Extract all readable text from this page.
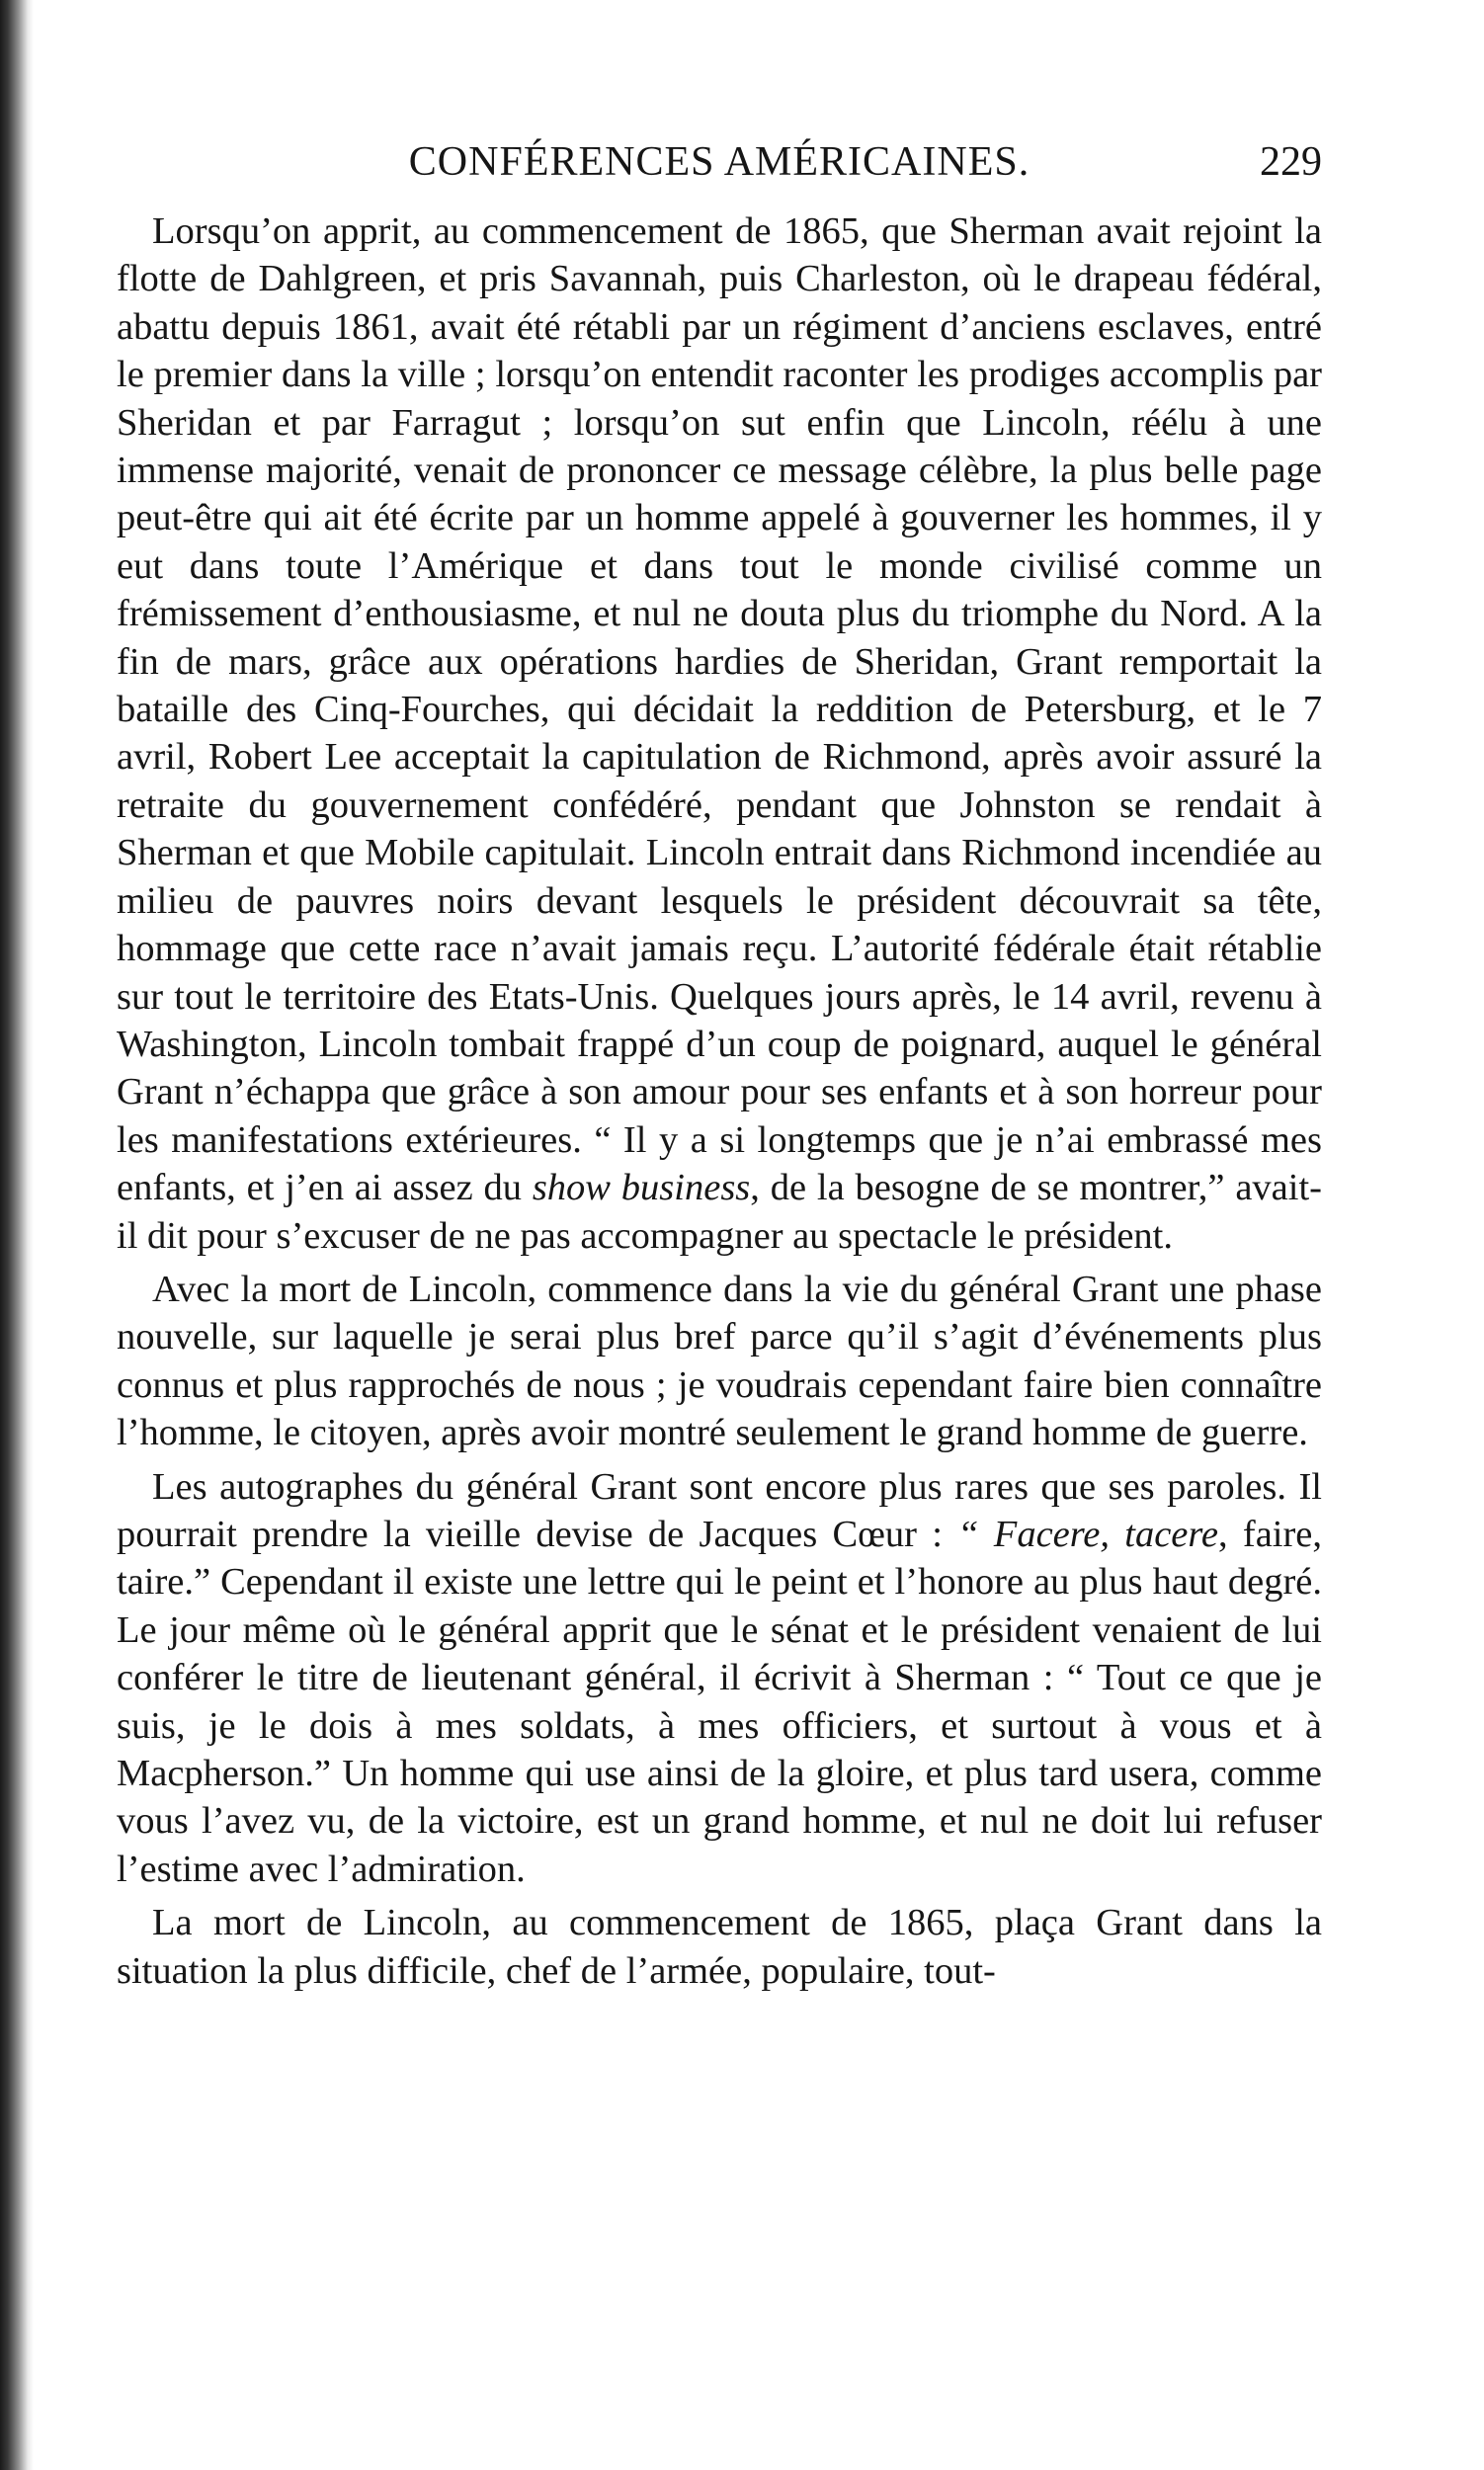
CONFÉRENCES AMÉRICAINES.	229

Lorsqu’on apprit, au commencement de 1865, que Sherman avait rejoint la flotte de Dahlgreen, et pris Savannah, puis Charleston, où le drapeau fédéral, abattu depuis 1861, avait été rétabli par un régiment d’anciens esclaves, entré le premier dans la ville ; lorsqu’on entendit raconter les prodiges accomplis par Sheridan et par Farragut ; lorsqu’on sut enfin que Lincoln, réélu à une immense majorité, venait de prononcer ce message célèbre, la plus belle page peut-être qui ait été écrite par un homme appelé à gouverner les hommes, il y eut dans toute l’Amérique et dans tout le monde civilisé comme un frémissement d’enthousiasme, et nul ne douta plus du triomphe du Nord. A la fin de mars, grâce aux opérations hardies de Sheridan, Grant remportait la bataille des Cinq-Fourches, qui décidait la reddition de Petersburg, et le 7 avril, Robert Lee acceptait la capitulation de Richmond, après avoir assuré la retraite du gouvernement confédéré, pendant que Johnston se rendait à Sherman et que Mobile capitulait. Lincoln entrait dans Richmond incendiée au milieu de pauvres noirs devant lesquels le président découvrait sa tête, hommage que cette race n’avait jamais reçu. L’autorité fédérale était rétablie sur tout le territoire des Etats-Unis. Quelques jours après, le 14 avril, revenu à Washington, Lincoln tombait frappé d’un coup de poignard, auquel le général Grant n’échappa que grâce à son amour pour ses enfants et à son horreur pour les manifestations extérieures. “ Il y a si longtemps que je n’ai embrassé mes enfants, et j’en ai assez du show business, de la besogne de se montrer,” avait-il dit pour s’excuser de ne pas accompagner au spectacle le président.

Avec la mort de Lincoln, commence dans la vie du général Grant une phase nouvelle, sur laquelle je serai plus bref parce qu’il s’agit d’événements plus connus et plus rapprochés de nous ; je voudrais cependant faire bien connaître l’homme, le citoyen, après avoir montré seulement le grand homme de guerre.

Les autographes du général Grant sont encore plus rares que ses paroles. Il pourrait prendre la vieille devise de Jacques Cœur : “ Facere, tacere, faire, taire.” Cependant il existe une lettre qui le peint et l’honore au plus haut degré. Le jour même où le général apprit que le sénat et le président venaient de lui conférer le titre de lieutenant général, il écrivit à Sherman : “ Tout ce que je suis, je le dois à mes soldats, à mes officiers, et surtout à vous et à Macpherson.” Un homme qui use ainsi de la gloire, et plus tard usera, comme vous l’avez vu, de la victoire, est un grand homme, et nul ne doit lui refuser l’estime avec l’admiration.

La mort de Lincoln, au commencement de 1865, plaça Grant dans la situation la plus difficile, chef de l’armée, populaire, tout-
